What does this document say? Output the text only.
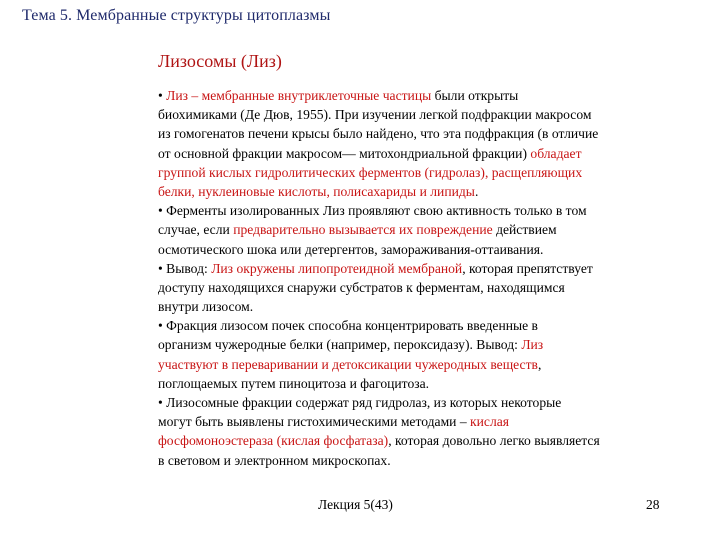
Тема 5. Мембранные структуры цитоплазмы
Лизосомы (Лиз)
• Лиз – мембранные внутриклеточные частицы были открыты
биохимиками (Де Дюв, 1955). При изучении легкой подфракции макросом
из гомогенатов печени крысы было найдено, что эта подфракция (в отличие
от основной фракции макросом— митохондриальной фракции) обладает
группой кислых гидролитических ферментов (гидролаз), расщепляющих
белки, нуклеиновые кислоты, полисахариды и липиды.
• Ферменты изолированных Лиз проявляют свою активность только в том
случае, если предварительно вызывается их повреждение действием
осмотического шока или детергентов, замораживания-оттаивания.
• Вывод: Лиз окружены липопротеидной мембраной, которая препятствует
доступу находящихся снаружи субстратов к ферментам, находящимся
внутри лизосом.
• Фракция лизосом почек способна концентрировать введенные в
организм чужеродные белки (например, пероксидазу). Вывод: Лиз
участвуют в переваривании и детоксикации чужеродных веществ,
поглощаемых путем пиноцитоза и фагоцитоза.
• Лизосомные фракции содержат ряд гидролаз, из которых некоторые
могут быть выявлены гистохимическими методами – кислая
фосфомоноэстераза (кислая фосфатаза), которая довольно легко выявляется
в световом и электронном микроскопах.
Лекция 5(43)	28
